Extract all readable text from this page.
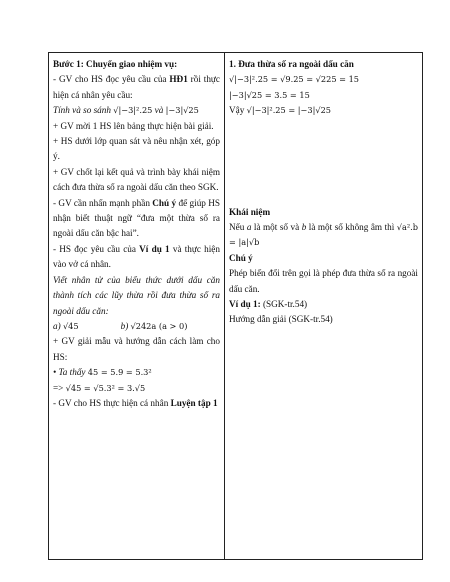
Bước 1: Chuyển giao nhiệm vụ:

- GV cho HS đọc yêu cầu của HĐ1 rồi thực hiện cá nhân yêu cầu:

Tính và so sánh √|−3|².25 và |−3|√25

+ GV mời 1 HS lên bảng thực hiện bài giải.

+ HS dưới lớp quan sát và nêu nhận xét, góp ý.

+ GV chốt lại kết quả và trình bày khái niệm cách đưa thừa số ra ngoài dấu căn theo SGK.

- GV cần nhấn mạnh phần Chú ý để giúp HS nhận biết thuật ngữ “đưa một thừa số ra ngoài dấu căn bậc hai”.

- HS đọc yêu cầu của Ví dụ 1 và thực hiện vào vở cá nhân.

Viết nhân tử của biểu thức dưới dấu căn thành tích các lũy thừa rồi đưa thừa số ra ngoài dấu căn:

a) √45	b) √242a (a > 0)

+ GV giải mẫu và hướng dẫn cách làm cho HS:

• Ta thấy 45 = 5.9 = 5.3²

=> √45 = √5.3² = 3.√5

- GV cho HS thực hiện cá nhân Luyện tập 1

1. Đưa thừa số ra ngoài dấu căn

√|−3|².25 = √9.25 = √225 = 15

|−3|√25 = 3.5 = 15

Vậy √|−3|².25 = |−3|√25

Khái niệm

Nếu a là một số và b là một số không âm thì √a².b = |a|√b

Chú ý

Phép biến đổi trên gọi là phép đưa thừa số ra ngoài dấu căn.

Ví dụ 1: (SGK-tr.54)

Hướng dẫn giải (SGK-tr.54)
